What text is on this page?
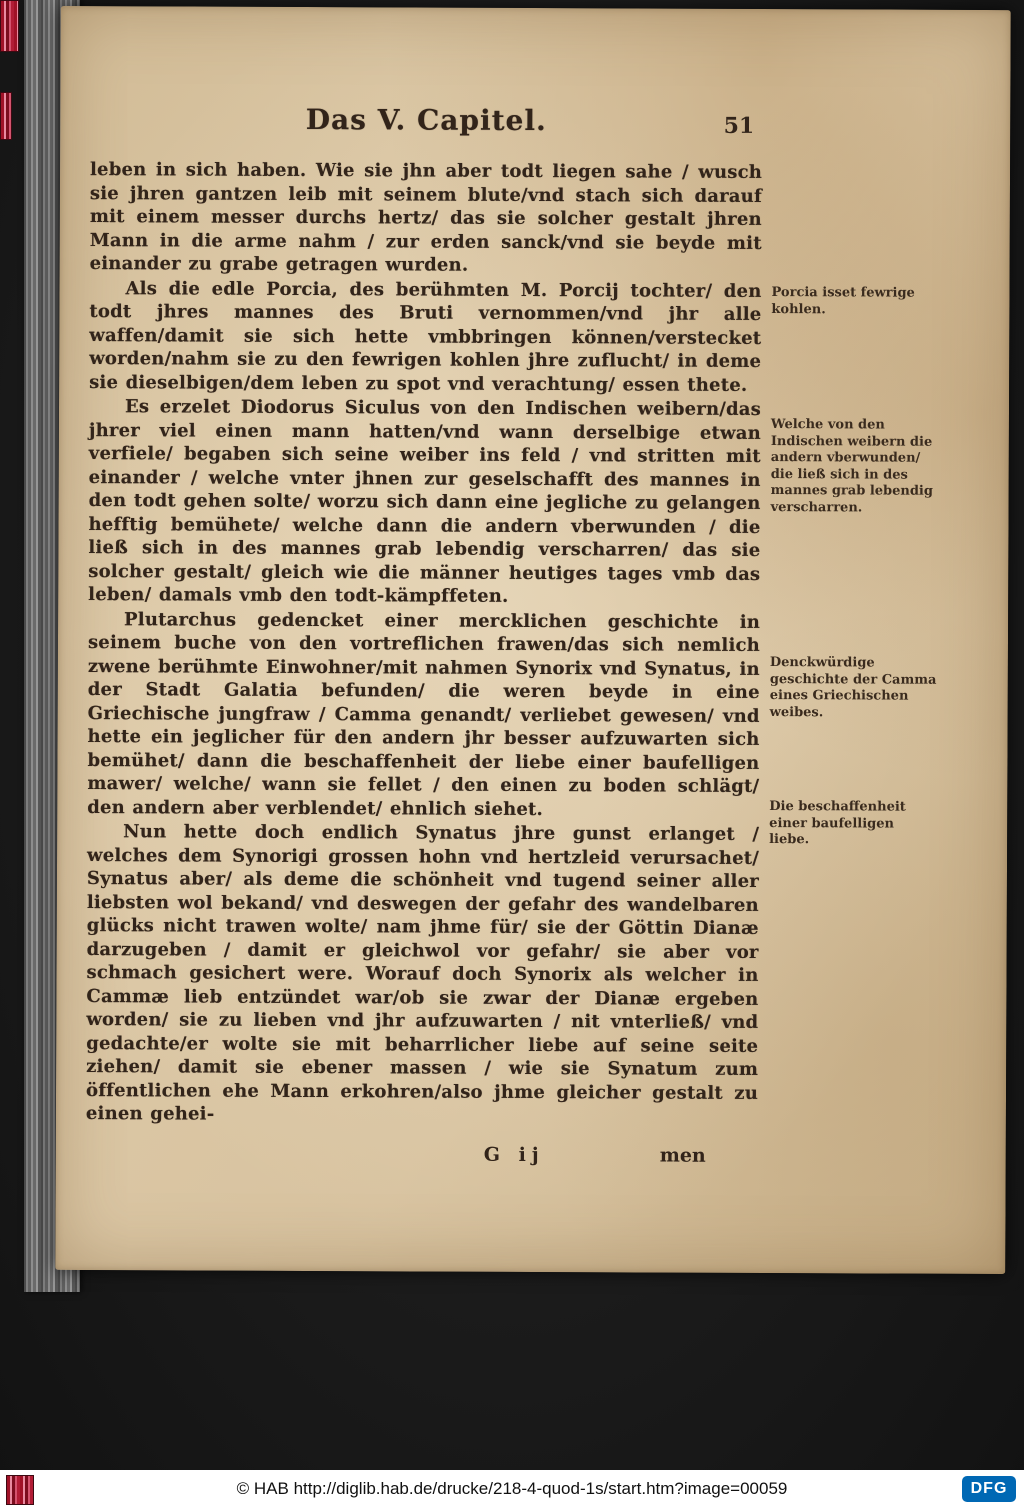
Das V. Capitel.	51

leben in sich haben. Wie sie jhn aber todt liegen sahe / wusch sie jhren gantzen leib mit seinem blute/vnd stach sich darauf mit einem messer durchs hertz/ das sie solcher gestalt jhren Mann in die arme nahm / zur erden sanck/vnd sie beyde mit einander zu grabe getragen wurden.

Als die edle Porcia, des berühmten M. Porcij tochter/ den todt jhres mannes des Bruti vernommen/vnd jhr alle waffen/damit sie sich hette vmbbringen können/verstecket worden/nahm sie zu den fewrigen kohlen jhre zuflucht/ in deme sie dieselbigen/dem leben zu spot vnd verachtung/ essen thete.

Es erzelet Diodorus Siculus von den Indischen weibern/das jhrer viel einen mann hatten/vnd wann derselbige etwan verfiele/ begaben sich seine weiber ins feld / vnd stritten mit einander / welche vnter jhnen zur geselschafft des mannes in den todt gehen solte/ worzu sich dann eine jegliche zu gelangen hefftig bemühete/ welche dann die andern vberwunden / die ließ sich in des mannes grab lebendig verscharren/ das sie solcher gestalt/ gleich wie die männer heutiges tages vmb das leben/ damals vmb den todt-kämpffeten.

Plutarchus gedencket einer mercklichen geschichte in seinem buche von den vortreflichen frawen/das sich nemlich zwene berühmte Einwohner/mit nahmen Synorix vnd Synatus, in der Stadt Galatia befunden/ die weren beyde in eine Griechische jungfraw / Camma genandt/ verliebet gewesen/ vnd hette ein jeglicher für den andern jhr besser aufzuwarten sich bemühet/ dann die beschaffenheit der liebe einer baufelligen mawer/ welche/ wann sie fellet / den einen zu boden schlägt/ den andern aber verblendet/ ehnlich siehet.

Nun hette doch endlich Synatus jhre gunst erlanget / welches dem Synorigi grossen hohn vnd hertzleid verursachet/ Synatus aber/ als deme die schönheit vnd tugend seiner aller liebsten wol bekand/ vnd deswegen der gefahr des wandelbaren glücks nicht trawen wolte/ nam jhme für/ sie der Göttin Dianæ darzugeben / damit er gleichwol vor gefahr/ sie aber vor schmach gesichert were. Worauf doch Synorix als welcher in Cammæ lieb entzündet war/ob sie zwar der Dianæ ergeben worden/ sie zu lieben vnd jhr aufzuwarten / nit vnterließ/ vnd gedachte/er wolte sie mit beharrlicher liebe auf seine seite ziehen/ damit sie ebener massen / wie sie Synatum zum öffentlichen ehe Mann erkohren/also jhme gleicher gestalt zu einen gehei-

Porcia isset fewrige kohlen.
Welche von den Indischen weibern die andern vberwunden/ die ließ sich in des mannes grab lebendig verscharren.
Denckwürdige geschichte der Camma eines Griechischen weibes.
Die beschaffenheit einer baufelligen liebe.
G ij	men
© HAB http://diglib.hab.de/drucke/218-4-quod-1s/start.htm?image=00059	DFG
